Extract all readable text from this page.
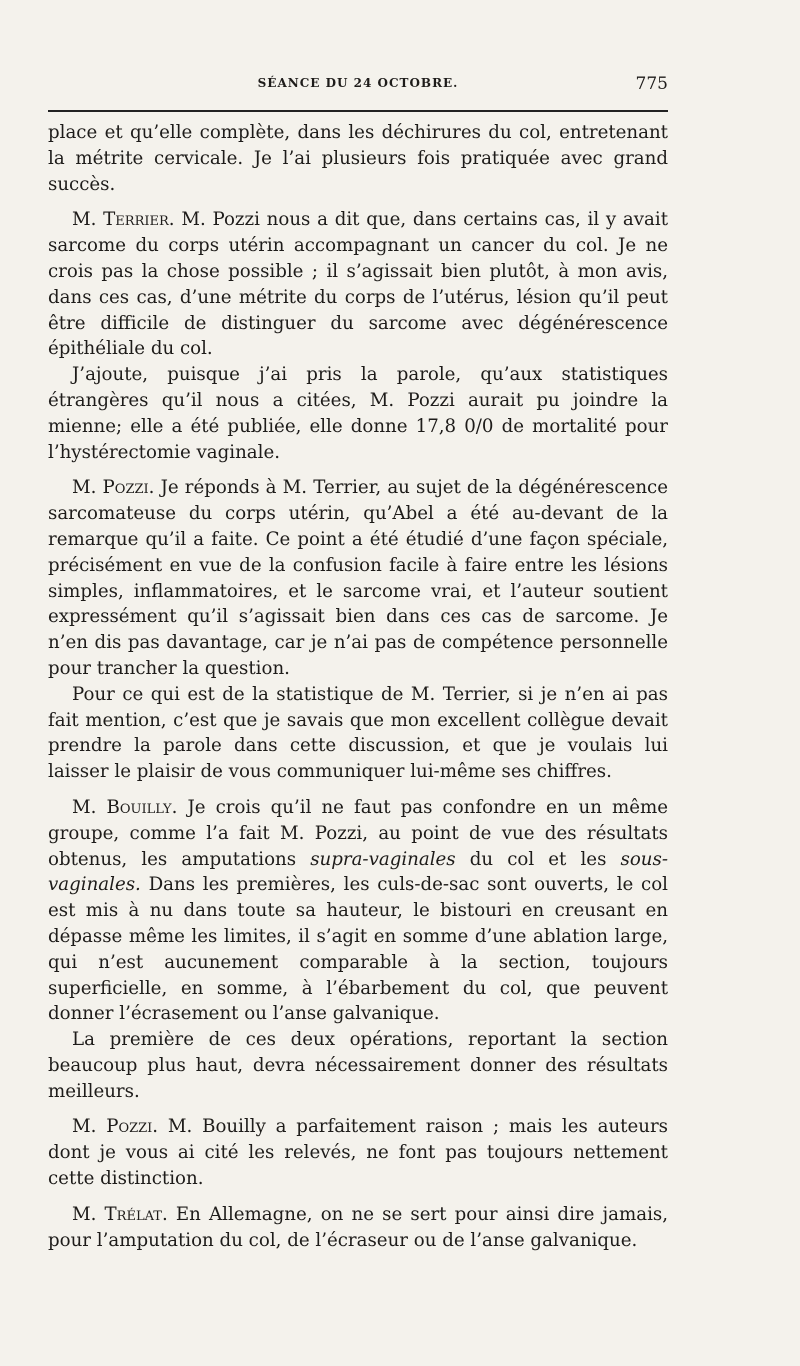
SÉANCE DU 24 OCTOBRE.	775

place et qu’elle complète, dans les déchirures du col, entretenant la métrite cervicale. Je l’ai plusieurs fois pratiquée avec grand succès.

M. Terrier. M. Pozzi nous a dit que, dans certains cas, il y avait sarcome du corps utérin accompagnant un cancer du col. Je ne crois pas la chose possible ; il s’agissait bien plutôt, à mon avis, dans ces cas, d’une métrite du corps de l’utérus, lésion qu’il peut être difficile de distinguer du sarcome avec dégénérescence épithéliale du col.

J’ajoute, puisque j’ai pris la parole, qu’aux statistiques étrangères qu’il nous a citées, M. Pozzi aurait pu joindre la mienne; elle a été publiée, elle donne 17,8 0/0 de mortalité pour l’hystérectomie vaginale.

M. Pozzi. Je réponds à M. Terrier, au sujet de la dégénérescence sarcomateuse du corps utérin, qu’Abel a été au-devant de la remarque qu’il a faite. Ce point a été étudié d’une façon spéciale, précisément en vue de la confusion facile à faire entre les lésions simples, inflammatoires, et le sarcome vrai, et l’auteur soutient expressément qu’il s’agissait bien dans ces cas de sarcome. Je n’en dis pas davantage, car je n’ai pas de compétence personnelle pour trancher la question.

Pour ce qui est de la statistique de M. Terrier, si je n’en ai pas fait mention, c’est que je savais que mon excellent collègue devait prendre la parole dans cette discussion, et que je voulais lui laisser le plaisir de vous communiquer lui-même ses chiffres.

M. Bouilly. Je crois qu’il ne faut pas confondre en un même groupe, comme l’a fait M. Pozzi, au point de vue des résultats obtenus, les amputations supra-vaginales du col et les sous-vaginales. Dans les premières, les culs-de-sac sont ouverts, le col est mis à nu dans toute sa hauteur, le bistouri en creusant en dépasse même les limites, il s’agit en somme d’une ablation large, qui n’est aucunement comparable à la section, toujours superficielle, en somme, à l’ébarbement du col, que peuvent donner l’écrasement ou l’anse galvanique.

La première de ces deux opérations, reportant la section beaucoup plus haut, devra nécessairement donner des résultats meilleurs.

M. Pozzi. M. Bouilly a parfaitement raison ; mais les auteurs dont je vous ai cité les relevés, ne font pas toujours nettement cette distinction.

M. Trélat. En Allemagne, on ne se sert pour ainsi dire jamais, pour l’amputation du col, de l’écraseur ou de l’anse galvanique.
